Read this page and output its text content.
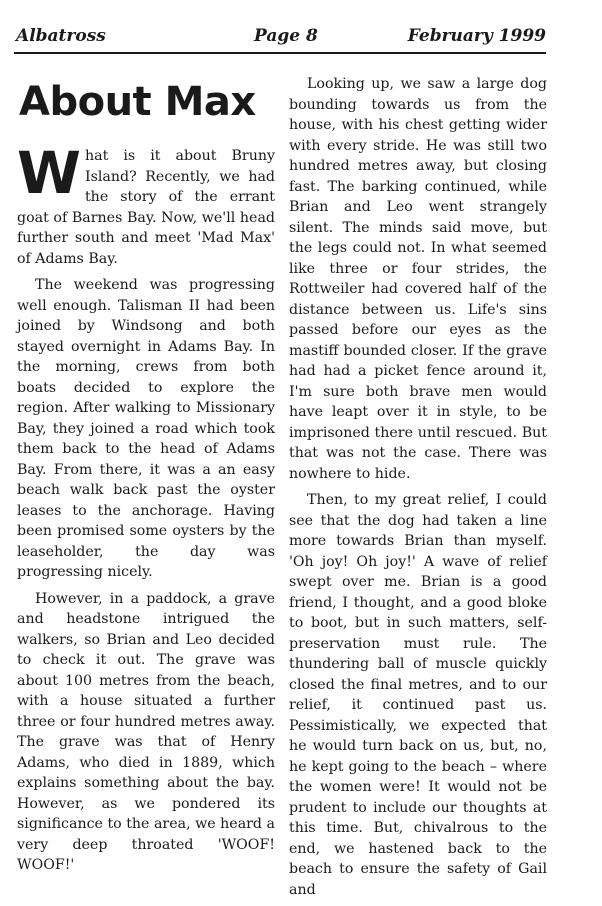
Albatross	Page 8	February 1999
About Max

What is it about Bruny Island? Recently, we had the story of the errant goat of Barnes Bay. Now, we'll head further south and meet 'Mad Max' of Adams Bay.

The weekend was progressing well enough. Talisman II had been joined by Windsong and both stayed overnight in Adams Bay. In the morning, crews from both boats decided to explore the region. After walking to Missionary Bay, they joined a road which took them back to the head of Adams Bay. From there, it was a an easy beach walk back past the oyster leases to the anchorage. Having been promised some oysters by the leaseholder, the day was progressing nicely.

However, in a paddock, a grave and headstone intrigued the walkers, so Brian and Leo decided to check it out. The grave was about 100 metres from the beach, with a house situated a further three or four hundred metres away. The grave was that of Henry Adams, who died in 1889, which explains something about the bay. However, as we pondered its significance to the area, we heard a very deep throated 'WOOF! WOOF!'

Looking up, we saw a large dog bounding towards us from the house, with his chest getting wider with every stride. He was still two hundred metres away, but closing fast. The barking continued, while Brian and Leo went strangely silent. The minds said move, but the legs could not. In what seemed like three or four strides, the Rottweiler had covered half of the distance between us. Life's sins passed before our eyes as the mastiff bounded closer. If the grave had had a picket fence around it, I'm sure both brave men would have leapt over it in style, to be imprisoned there until rescued. But that was not the case. There was nowhere to hide.

Then, to my great relief, I could see that the dog had taken a line more towards Brian than myself. 'Oh joy! Oh joy!' A wave of relief swept over me. Brian is a good friend, I thought, and a good bloke to boot, but in such matters, self-preservation must rule. The thundering ball of muscle quickly closed the final metres, and to our relief, it continued past us. Pessimistically, we expected that he would turn back on us, but, no, he kept going to the beach – where the women were! It would not be prudent to include our thoughts at this time. But, chivalrous to the end, we hastened back to the beach to ensure the safety of Gail and
